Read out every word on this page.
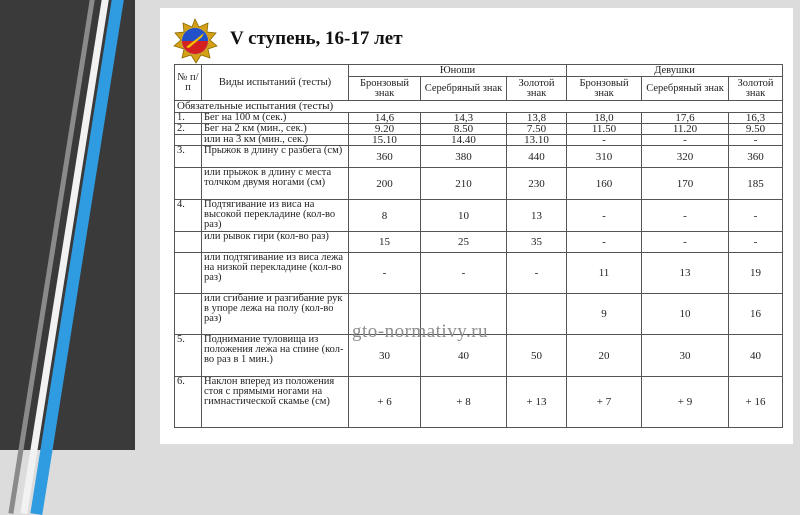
V ступень, 16-17 лет
№ п/п	Виды испытаний (тесты)	Юноши			Девушки		
		Бронзовый знак	Серебряный знак	Золотой знак	Бронзовый знак	Серебряный знак	Золотой знак
Обязательные испытания (тесты)							
1.	Бег на 100 м (сек.)	14,6	14,3	13,8	18,0	17,6	16,3
2.	Бег на 2 км (мин., сек.)	9.20	8.50	7.50	11.50	11.20	9.50
	или на 3 км (мин., сек.)	15.10	14.40	13.10	-	-	-
3.	Прыжок в длину с разбега (см)	360	380	440	310	320	360
	или прыжок в длину с места толчком двумя ногами (см)	200	210	230	160	170	185
4.	Подтягивание из виса на высокой перекладине (кол-во раз)	8	10	13	-	-	-
	или рывок гири (кол-во раз)	15	25	35	-	-	-
	или подтягивание из виса лежа на низкой перекладине (кол-во раз)	-	-	-	11	13	19
	или сгибание и разгибание рук в упоре лежа на полу (кол-во раз)				9	10	16
5.	Поднимание туловища из положения лежа на спине (кол-во раз в 1 мин.)	30	40	50	20	30	40
6.	Наклон вперед из положения стоя с прямыми ногами на гимнастической скамье (см)	+ 6	+ 8	+ 13	+ 7	+ 9	+ 16
gto-normativy.ru
